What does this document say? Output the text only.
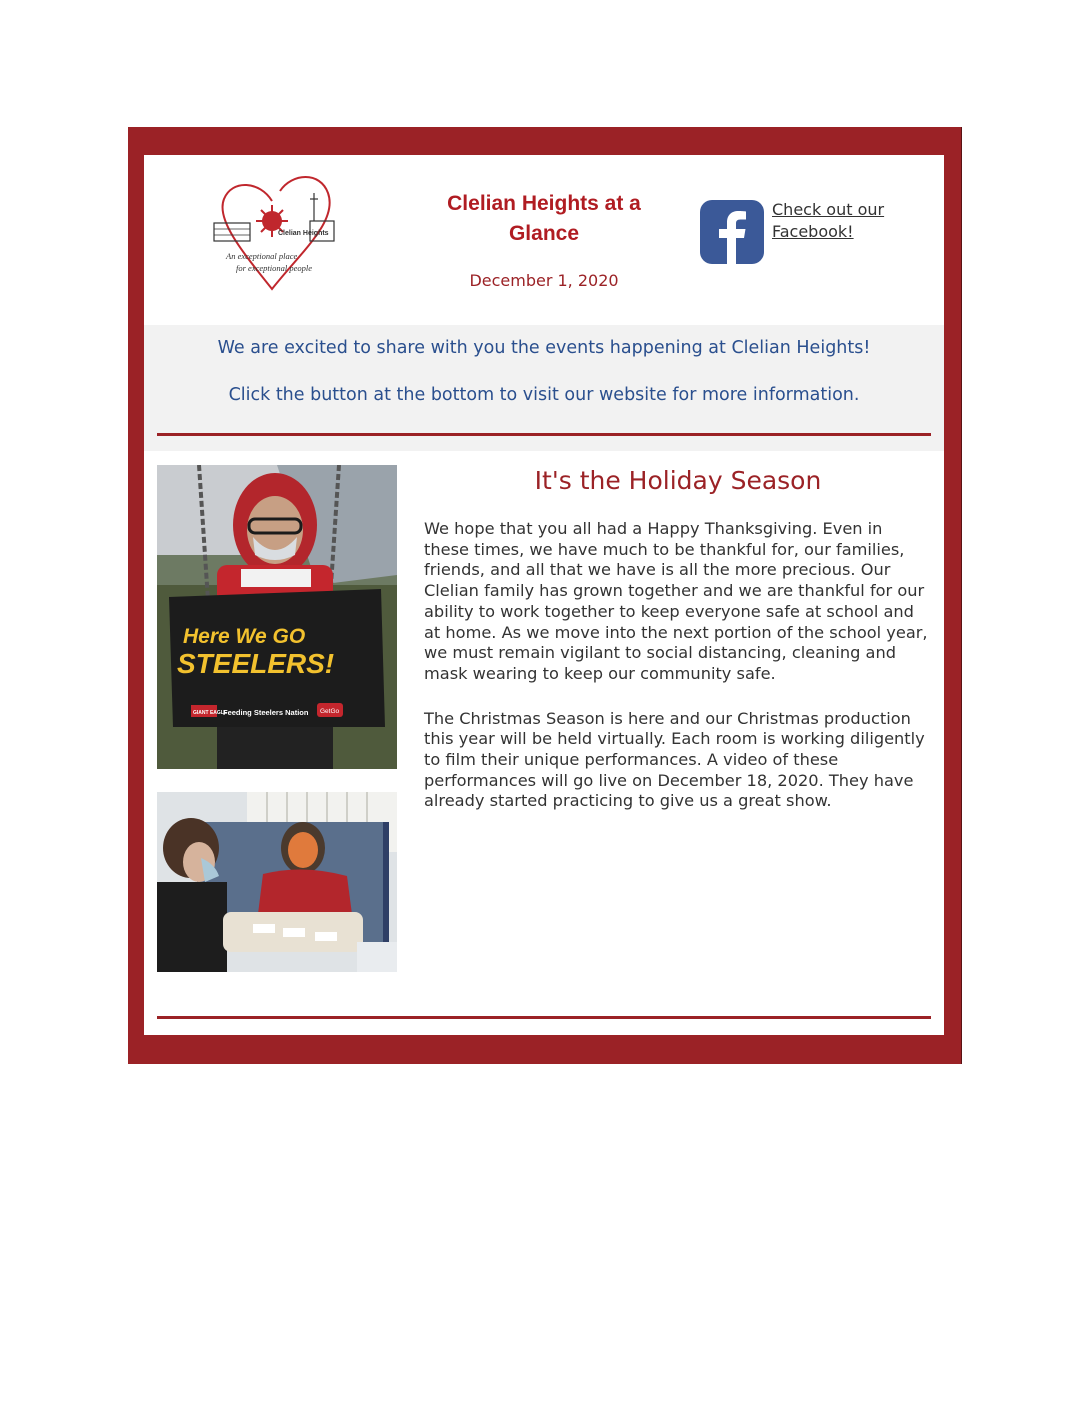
Clelian Heights
An exceptional place
for exceptional people
Clelian Heights at a Glance
December 1, 2020
Check out our Facebook!

We are excited to share with you the events happening at Clelian Heights!

Click the button at the bottom to visit our website for more information.

Here We GO
STEELERS!
GIANT EAGLE
Feeding Steelers Nation GetGo
It's the Holiday Season

We hope that you all had a Happy Thanksgiving. Even in these times, we have much to be thankful for, our families, friends, and all that we have is all the more precious. Our Clelian family has grown together and we are thankful for our ability to work together to keep everyone safe at school and at home. As we move into the next portion of the school year, we must remain vigilant to social distancing, cleaning and mask wearing to keep our community safe.

The Christmas Season is here and our Christmas production this year will be held virtually. Each room is working diligently to film their unique performances. A video of these performances will go live on December 18, 2020. They have already started practicing to give us a great show.
